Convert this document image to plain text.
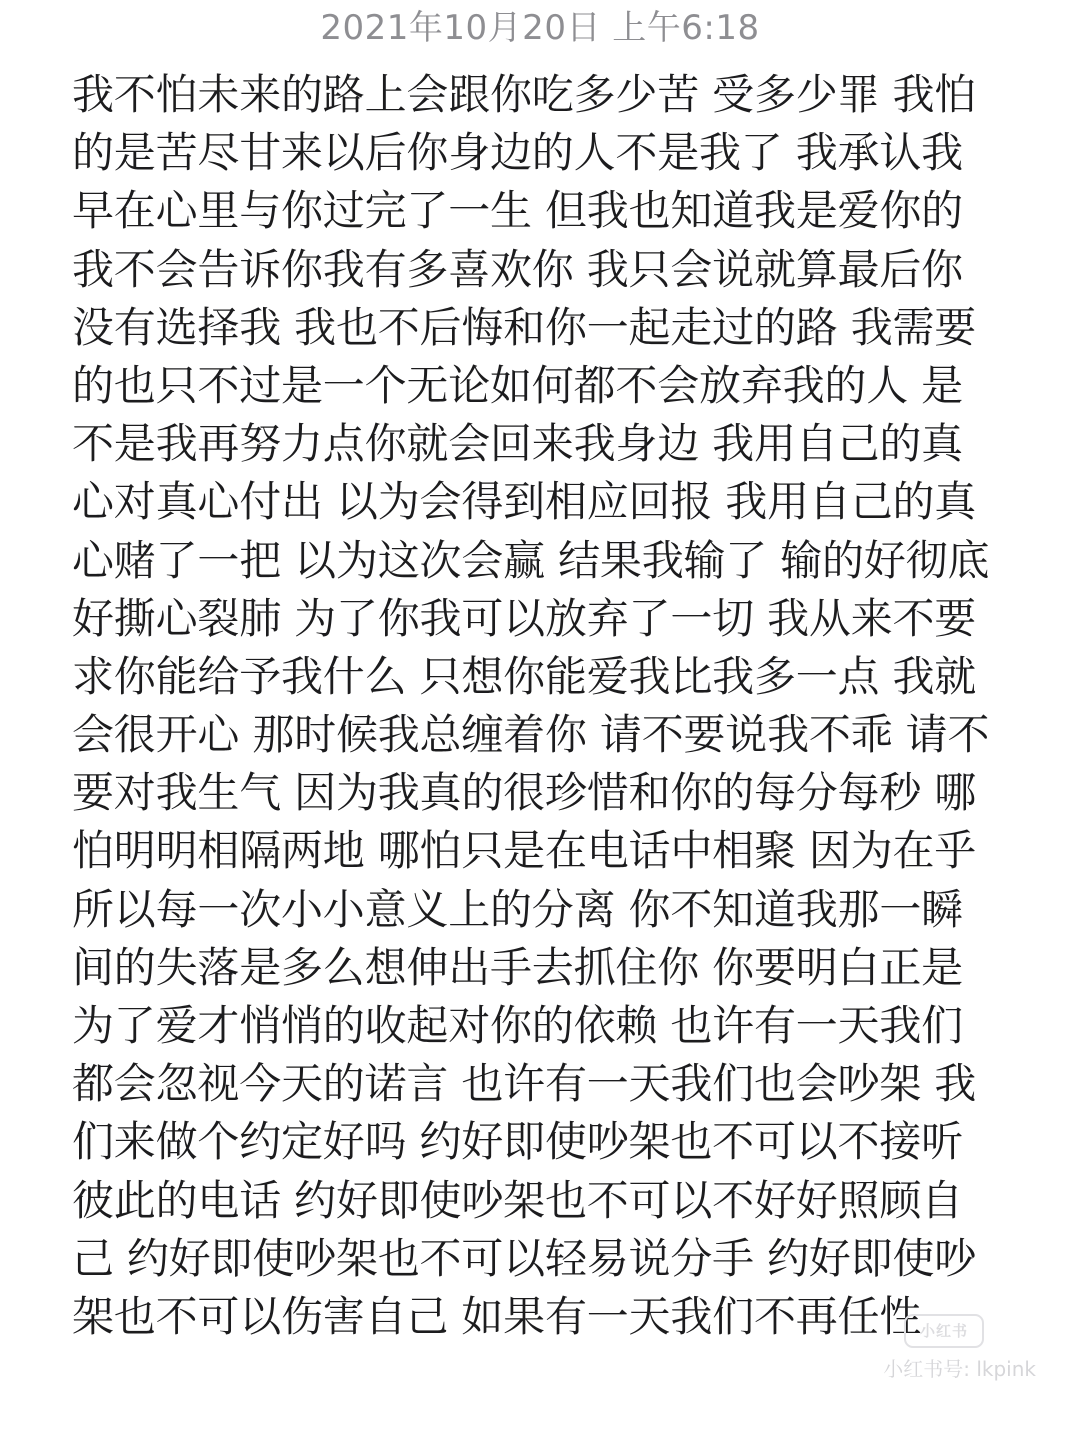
2021年10月20日 上午6:18
我不怕未来的路上会跟你吃多少苦 受多少罪 我怕
的是苦尽甘来以后你身边的人不是我了 我承认我
早在心里与你过完了一生 但我也知道我是爱你的
我不会告诉你我有多喜欢你 我只会说就算最后你
没有选择我 我也不后悔和你一起走过的路 我需要
的也只不过是一个无论如何都不会放弃我的人 是
不是我再努力点你就会回来我身边 我用自己的真
心对真心付出 以为会得到相应回报 我用自己的真
心赌了一把 以为这次会赢 结果我输了 输的好彻底
好撕心裂肺 为了你我可以放弃了一切 我从来不要
求你能给予我什么 只想你能爱我比我多一点 我就
会很开心 那时候我总缠着你 请不要说我不乖 请不
要对我生气 因为我真的很珍惜和你的每分每秒 哪
怕明明相隔两地 哪怕只是在电话中相聚 因为在乎
所以每一次小小意义上的分离 你不知道我那一瞬
间的失落是多么想伸出手去抓住你 你要明白正是
为了爱才悄悄的收起对你的依赖 也许有一天我们
都会忽视今天的诺言 也许有一天我们也会吵架 我
们来做个约定好吗 约好即使吵架也不可以不接听
彼此的电话 约好即使吵架也不可以不好好照顾自
己 约好即使吵架也不可以轻易说分手 约好即使吵
架也不可以伤害自己 如果有一天我们不再任性
小红书
小红书号: lkpink
